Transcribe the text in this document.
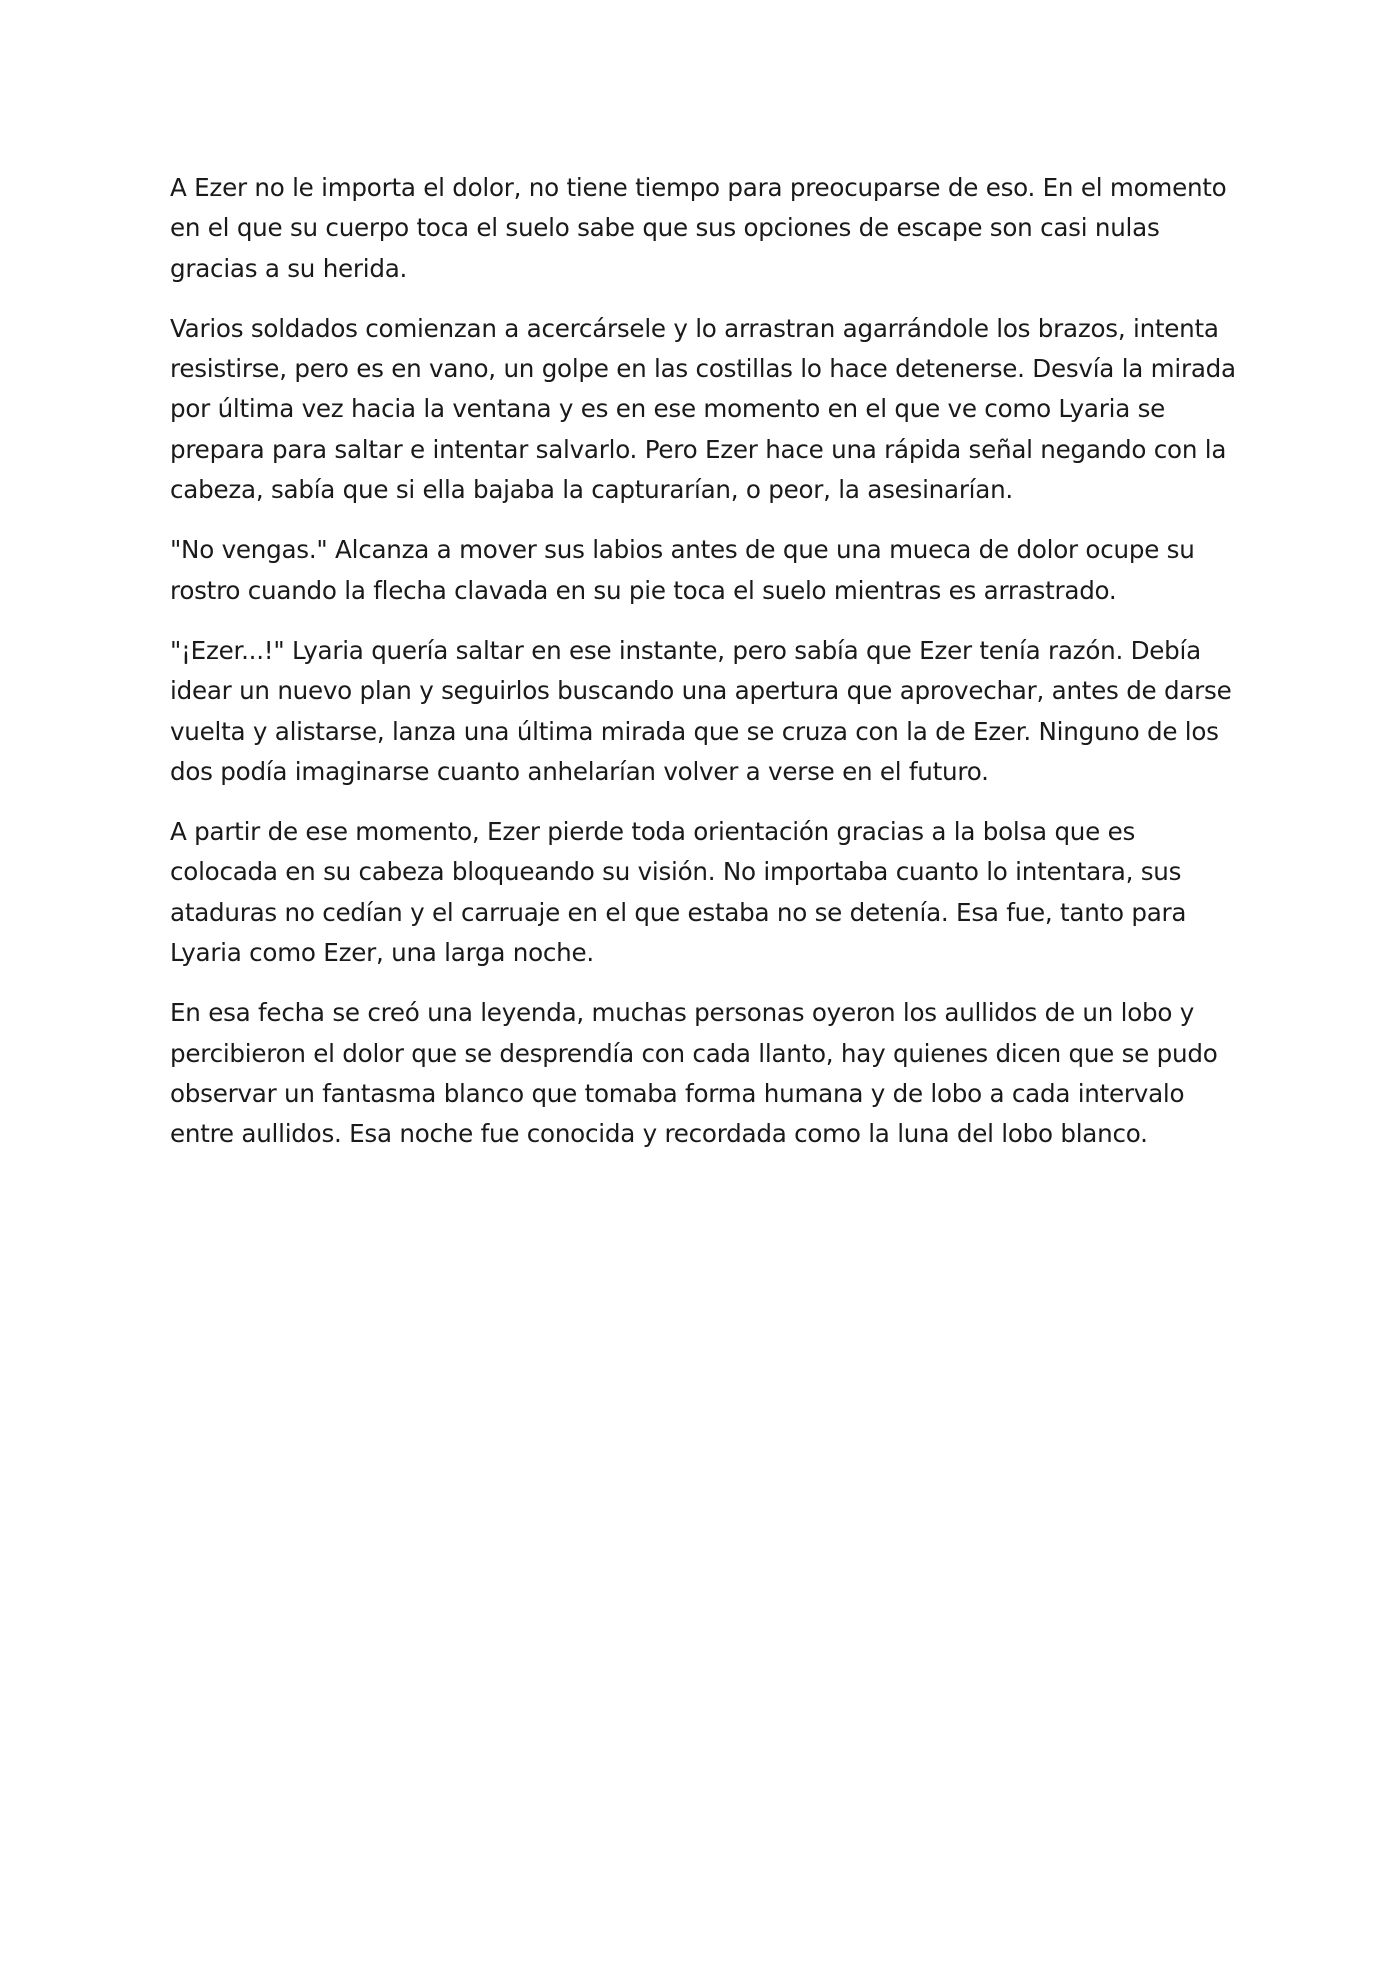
A Ezer no le importa el dolor, no tiene tiempo para preocuparse de eso. En el momento en el que su cuerpo toca el suelo sabe que sus opciones de escape son casi nulas gracias a su herida.

Varios soldados comienzan a acercársele y lo arrastran agarrándole los brazos, intenta resistirse, pero es en vano, un golpe en las costillas lo hace detenerse. Desvía la mirada por última vez hacia la ventana y es en ese momento en el que ve como Lyaria se prepara para saltar e intentar salvarlo. Pero Ezer hace una rápida señal negando con la cabeza, sabía que si ella bajaba la capturarían, o peor, la asesinarían.

"No vengas." Alcanza a mover sus labios antes de que una mueca de dolor ocupe su rostro cuando la flecha clavada en su pie toca el suelo mientras es arrastrado.

"¡Ezer...!" Lyaria quería saltar en ese instante, pero sabía que Ezer tenía razón. Debía idear un nuevo plan y seguirlos buscando una apertura que aprovechar, antes de darse vuelta y alistarse, lanza una última mirada que se cruza con la de Ezer. Ninguno de los dos podía imaginarse cuanto anhelarían volver a verse en el futuro.

A partir de ese momento, Ezer pierde toda orientación gracias a la bolsa que es colocada en su cabeza bloqueando su visión. No importaba cuanto lo intentara, sus ataduras no cedían y el carruaje en el que estaba no se detenía. Esa fue, tanto para Lyaria como Ezer, una larga noche.

En esa fecha se creó una leyenda, muchas personas oyeron los aullidos de un lobo y percibieron el dolor que se desprendía con cada llanto, hay quienes dicen que se pudo observar un fantasma blanco que tomaba forma humana y de lobo a cada intervalo entre aullidos. Esa noche fue conocida y recordada como la luna del lobo blanco.
